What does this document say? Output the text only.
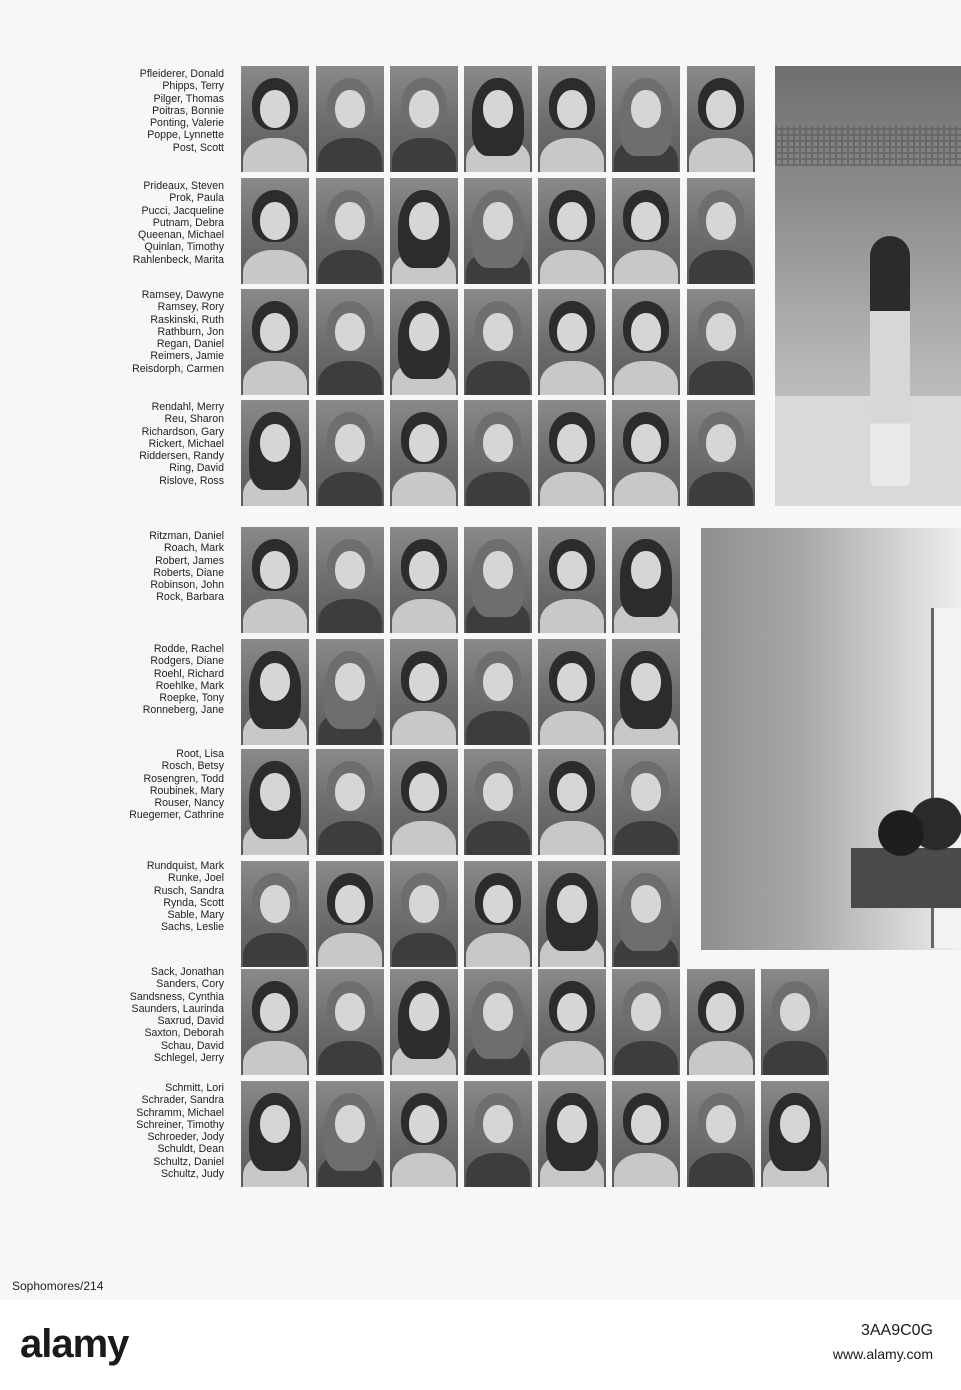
Pfleiderer, Donald
Phipps, Terry
Pilger, Thomas
Poitras, Bonnie
Ponting, Valerie
Poppe, Lynnette
Post, Scott
Prideaux, Steven
Prok, Paula
Pucci, Jacqueline
Putnam, Debra
Queenan, Michael
Quinlan, Timothy
Rahlenbeck, Marita
Ramsey, Dawyne
Ramsey, Rory
Raskinski, Ruth
Rathburn, Jon
Regan, Daniel
Reimers, Jamie
Reisdorph, Carmen
Rendahl, Merry
Reu, Sharon
Richardson, Gary
Rickert, Michael
Riddersen, Randy
Ring, David
Rislove, Ross
Ritzman, Daniel
Roach, Mark
Robert, James
Roberts, Diane
Robinson, John
Rock, Barbara
Rodde, Rachel
Rodgers, Diane
Roehl, Richard
Roehlke, Mark
Roepke, Tony
Ronneberg, Jane
Root, Lisa
Rosch, Betsy
Rosengren, Todd
Roubinek, Mary
Rouser, Nancy
Ruegemer, Cathrine
Rundquist, Mark
Runke, Joel
Rusch, Sandra
Rynda, Scott
Sable, Mary
Sachs, Leslie
Sack, Jonathan
Sanders, Cory
Sandsness, Cynthia
Saunders, Laurinda
Saxrud, David
Saxton, Deborah
Schau, David
Schlegel, Jerry
Schmitt, Lori
Schrader, Sandra
Schramm, Michael
Schreiner, Timothy
Schroeder, Jody
Schuldt, Dean
Schultz, Daniel
Schultz, Judy
Sophomores/214
alamy	3AA9C0G
www.alamy.com
